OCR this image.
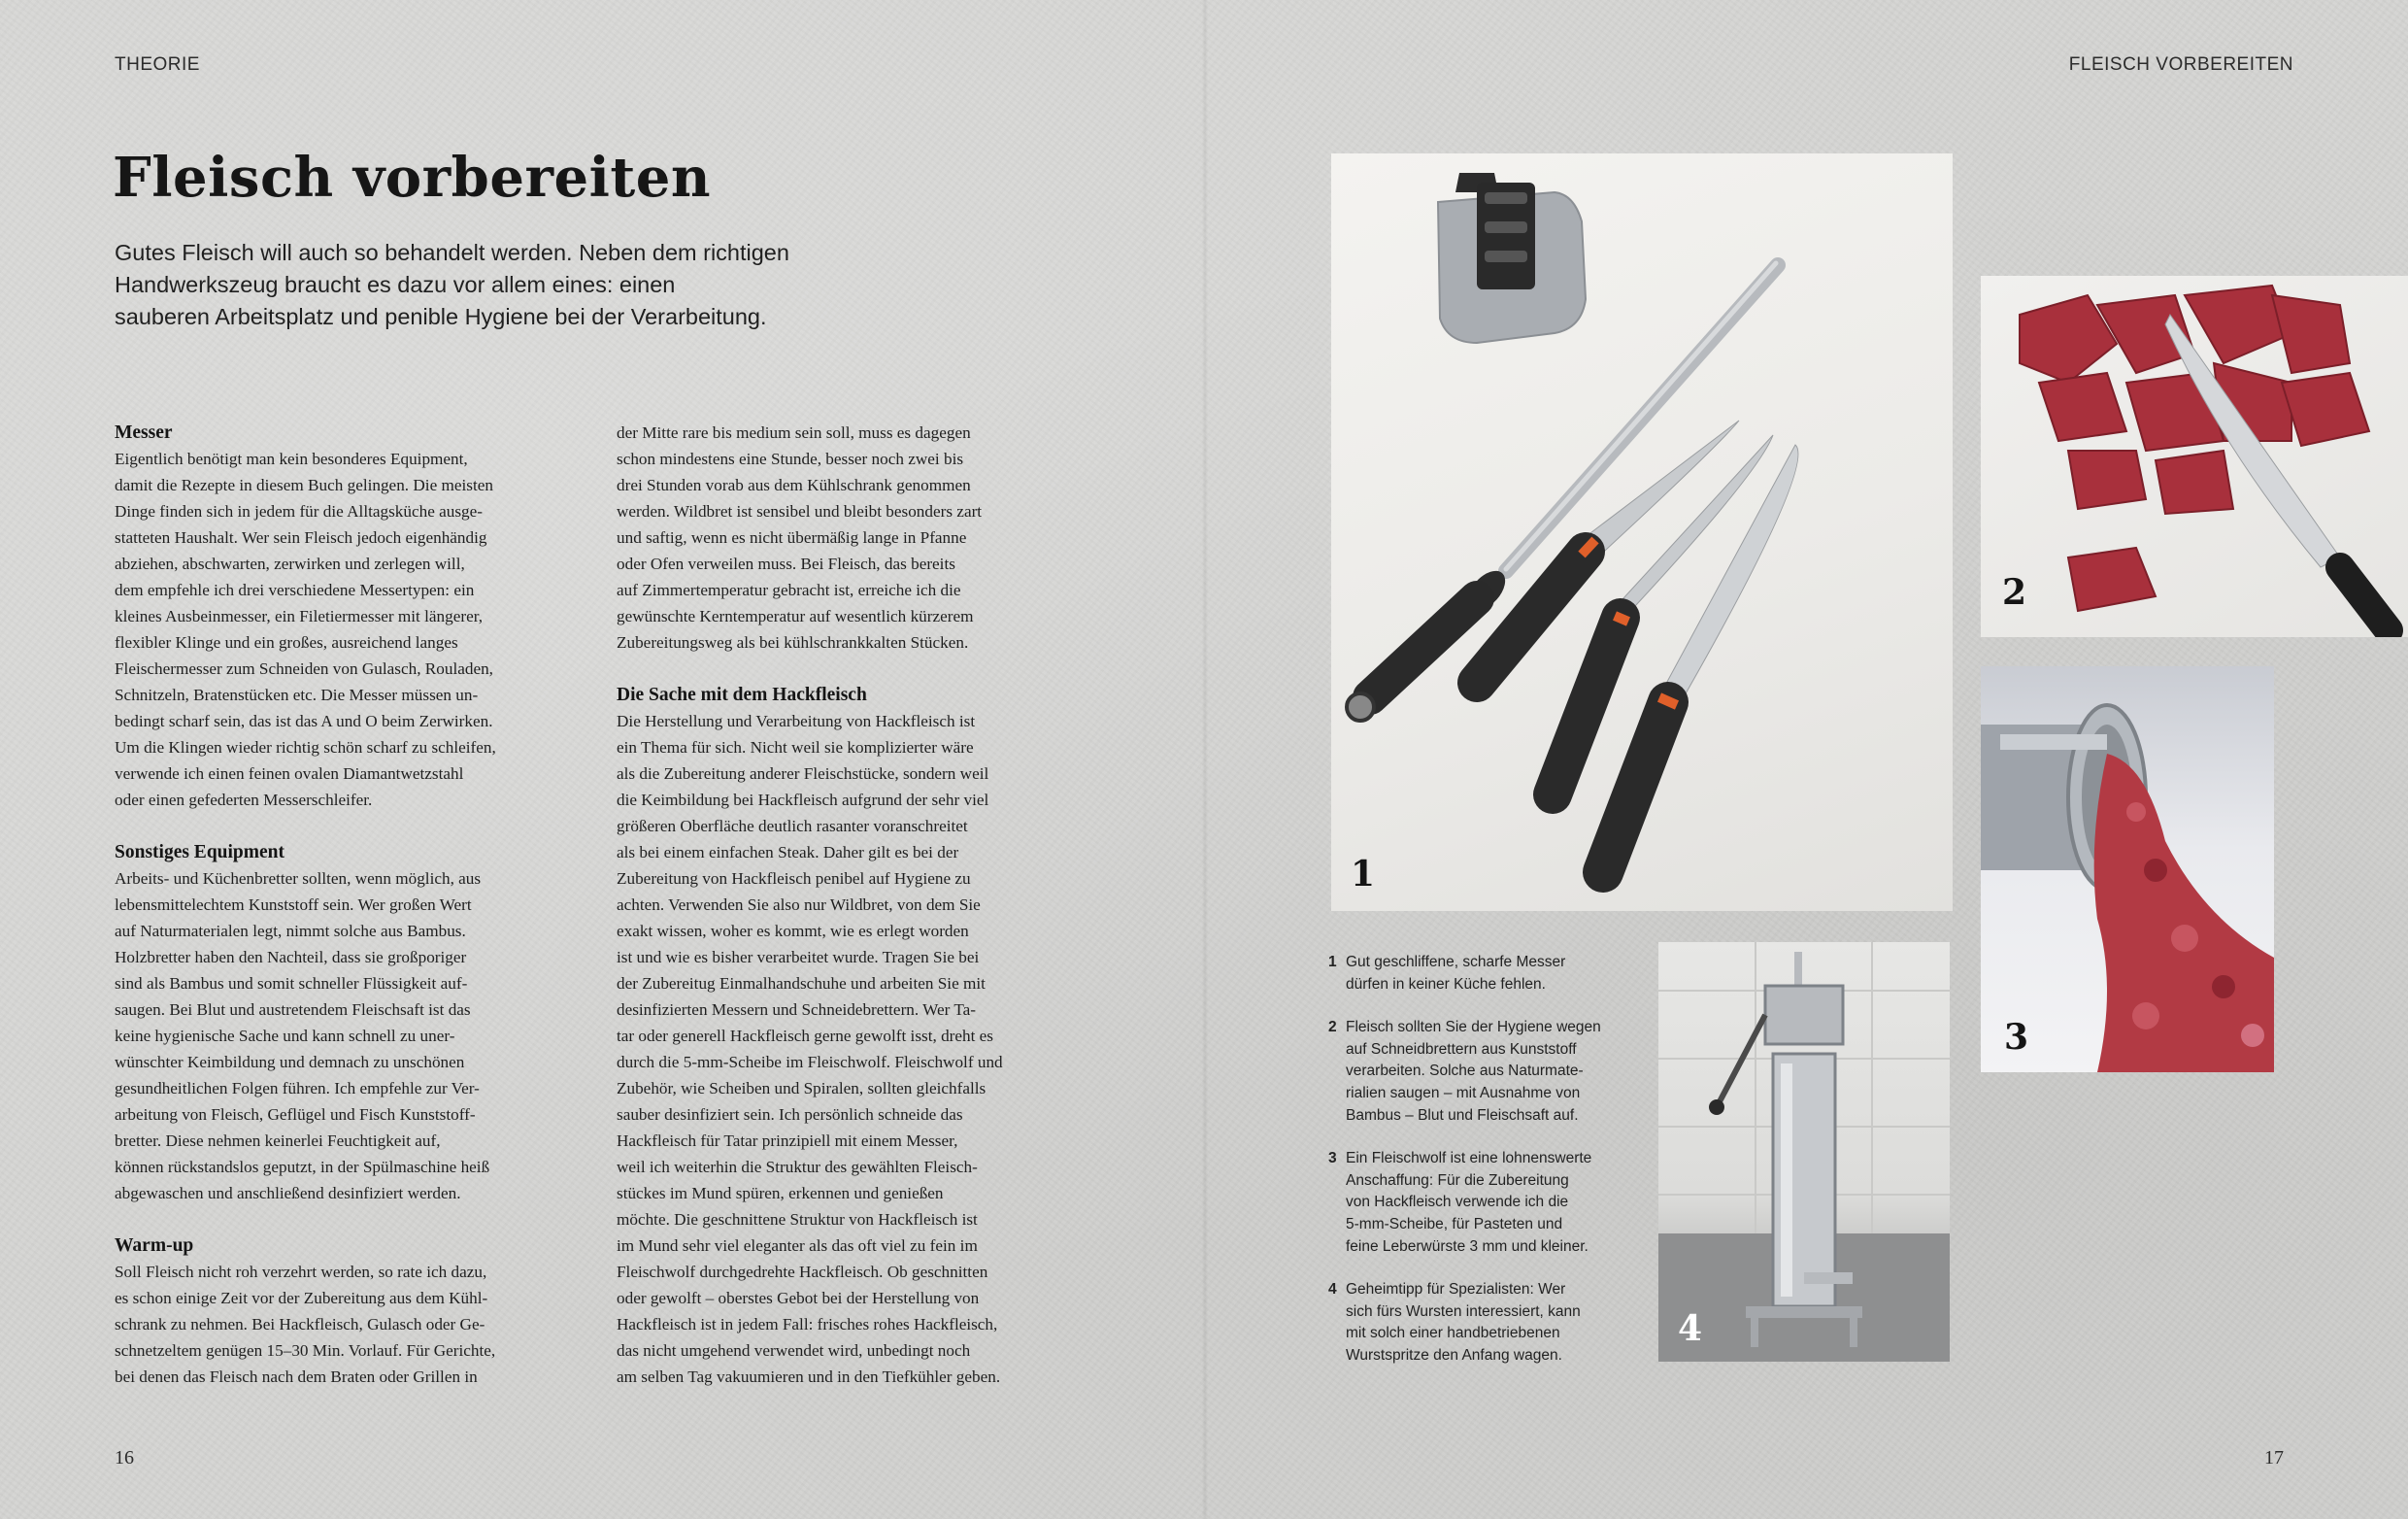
THEORIE	FLEISCH VORBEREITEN
Fleisch vorbereiten

Gutes Fleisch will auch so behandelt werden. Neben dem richtigen
Handwerkszeug braucht es dazu vor allem eines: einen
sauberen Arbeitsplatz und penible Hygiene bei der Verarbeitung.

Messer
Eigentlich benötigt man kein besonderes Equipment,
damit die Rezepte in diesem Buch gelingen. Die meisten
Dinge finden sich in jedem für die Alltagsküche ausge-
statteten Haushalt. Wer sein Fleisch jedoch eigenhändig
abziehen, abschwarten, zerwirken und zerlegen will,
dem empfehle ich drei verschiedene Messertypen: ein
kleines Ausbeinmesser, ein Filetiermesser mit längerer,
flexibler Klinge und ein großes, ausreichend langes
Fleischermesser zum Schneiden von Gulasch, Rouladen,
Schnitzeln, Bratenstücken etc. Die Messer müssen un-
bedingt scharf sein, das ist das A und O beim Zerwirken.
Um die Klingen wieder richtig schön scharf zu schleifen,
verwende ich einen feinen ovalen Diamantwetzstahl
oder einen gefederten Messerschleifer.
Sonstiges Equipment
Arbeits- und Küchenbretter sollten, wenn möglich, aus
lebensmittelechtem Kunststoff sein. Wer großen Wert
auf Naturmaterialen legt, nimmt solche aus Bambus.
Holzbretter haben den Nachteil, dass sie großporiger
sind als Bambus und somit schneller Flüssigkeit auf-
saugen. Bei Blut und austretendem Fleischsaft ist das
keine hygienische Sache und kann schnell zu uner-
wünschter Keimbildung und demnach zu unschönen
gesundheitlichen Folgen führen. Ich empfehle zur Ver-
arbeitung von Fleisch, Geflügel und Fisch Kunststoff-
bretter. Diese nehmen keinerlei Feuchtigkeit auf,
können rückstandslos geputzt, in der Spülmaschine heiß
abgewaschen und anschließend desinfiziert werden.
Warm-up
Soll Fleisch nicht roh verzehrt werden, so rate ich dazu,
es schon einige Zeit vor der Zubereitung aus dem Kühl-
schrank zu nehmen. Bei Hackfleisch, Gulasch oder Ge-
schnetzeltem genügen 15–30 Min. Vorlauf. Für Gerichte,
bei denen das Fleisch nach dem Braten oder Grillen in
der Mitte rare bis medium sein soll, muss es dagegen
schon mindestens eine Stunde, besser noch zwei bis
drei Stunden vorab aus dem Kühlschrank genommen
werden. Wildbret ist sensibel und bleibt besonders zart
und saftig, wenn es nicht übermäßig lange in Pfanne
oder Ofen verweilen muss. Bei Fleisch, das bereits
auf Zimmertemperatur gebracht ist, erreiche ich die
gewünschte Kerntemperatur auf wesentlich kürzerem
Zubereitungsweg als bei kühlschrankkalten Stücken.
Die Sache mit dem Hackfleisch
Die Herstellung und Verarbeitung von Hackfleisch ist
ein Thema für sich. Nicht weil sie komplizierter wäre
als die Zubereitung anderer Fleischstücke, sondern weil
die Keimbildung bei Hackfleisch aufgrund der sehr viel
größeren Oberfläche deutlich rasanter voranschreitet
als bei einem einfachen Steak. Daher gilt es bei der
Zubereitung von Hackfleisch penibel auf Hygiene zu
achten. Verwenden Sie also nur Wildbret, von dem Sie
exakt wissen, woher es kommt, wie es erlegt worden
ist und wie es bisher verarbeitet wurde. Tragen Sie bei
der Zubereitug Einmalhandschuhe und arbeiten Sie mit
desinfizierten Messern und Schneidebrettern. Wer Ta-
tar oder generell Hackfleisch gerne gewolft isst, dreht es
durch die 5-mm-Scheibe im Fleischwolf. Fleischwolf und
Zubehör, wie Scheiben und Spiralen, sollten gleichfalls
sauber desinfiziert sein. Ich persönlich schneide das
Hackfleisch für Tatar prinzipiell mit einem Messer,
weil ich weiterhin die Struktur des gewählten Fleisch-
stückes im Mund spüren, erkennen und genießen
möchte. Die geschnittene Struktur von Hackfleisch ist
im Mund sehr viel eleganter als das oft viel zu fein im
Fleischwolf durchgedrehte Hackfleisch. Ob geschnitten
oder gewolft – oberstes Gebot bei der Herstellung von
Hackfleisch ist in jedem Fall: frisches rohes Hackfleisch,
das nicht umgehend verwendet wird, unbedingt noch
am selben Tag vakuumieren und in den Tiefkühler geben.
1
2
3
4
1 Gut geschliffene, scharfe Messer
dürfen in keiner Küche fehlen.
2 Fleisch sollten Sie der Hygiene wegen
auf Schneidbrettern aus Kunststoff
verarbeiten. Solche aus Naturmate-
rialien saugen – mit Ausnahme von
Bambus – Blut und Fleischsaft auf.
3 Ein Fleischwolf ist eine lohnenswerte
Anschaffung: Für die Zubereitung
von Hackfleisch verwende ich die
5-mm-Scheibe, für Pasteten und
feine Leberwürste 3 mm und kleiner.
4 Geheimtipp für Spezialisten: Wer
sich fürs Wursten interessiert, kann
mit solch einer handbetriebenen
Wurstspritze den Anfang wagen.
16	17
